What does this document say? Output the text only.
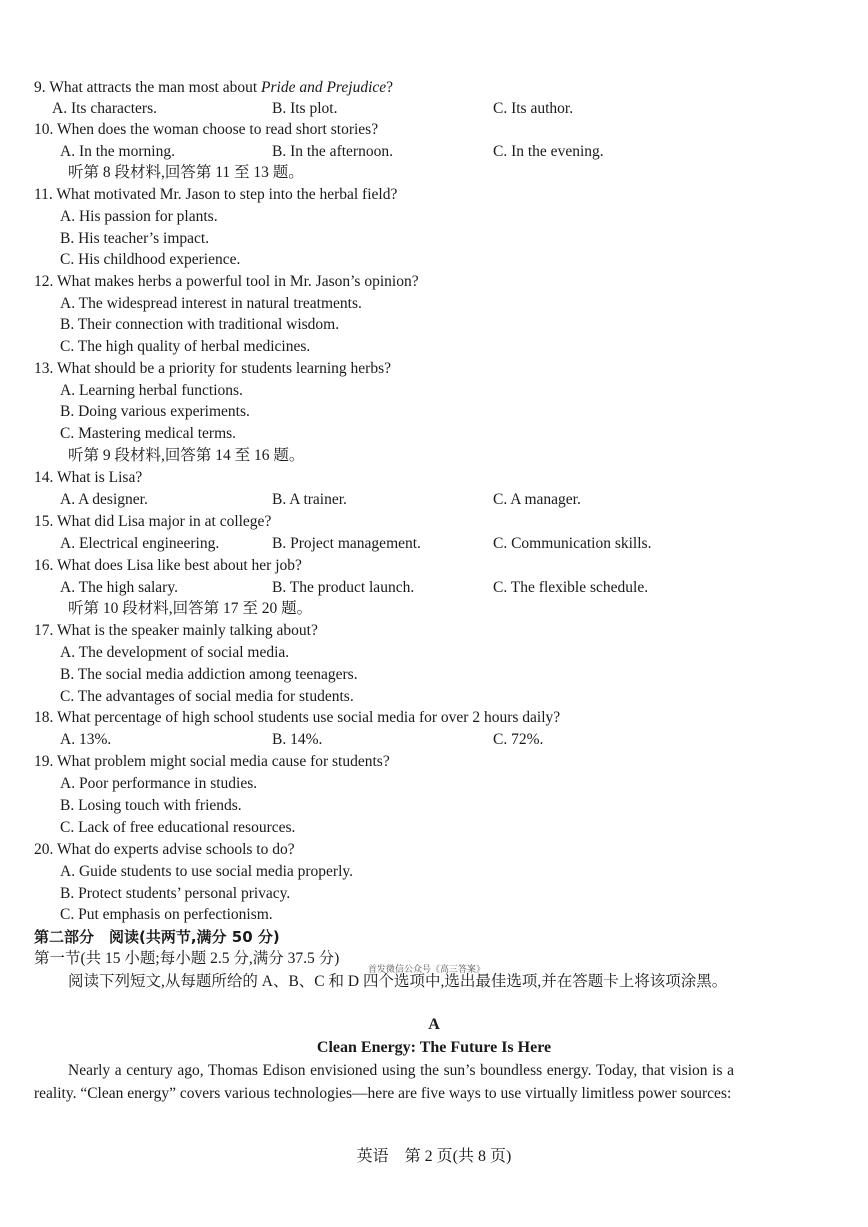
9. What attracts the man most about Pride and Prejudice?
A. Its characters.	B. Its plot.	C. Its author.
10. When does the woman choose to read short stories?
A. In the morning.	B. In the afternoon.	C. In the evening.
听第 8 段材料,回答第 11 至 13 题。
11. What motivated Mr. Jason to step into the herbal field?
A. His passion for plants.
B. His teacher’s impact.
C. His childhood experience.
12. What makes herbs a powerful tool in Mr. Jason’s opinion?
A. The widespread interest in natural treatments.
B. Their connection with traditional wisdom.
C. The high quality of herbal medicines.
13. What should be a priority for students learning herbs?
A. Learning herbal functions.
B. Doing various experiments.
C. Mastering medical terms.
听第 9 段材料,回答第 14 至 16 题。
14. What is Lisa?
A. A designer.	B. A trainer.	C. A manager.
15. What did Lisa major in at college?
A. Electrical engineering.	B. Project management.	C. Communication skills.
16. What does Lisa like best about her job?
A. The high salary.	B. The product launch.	C. The flexible schedule.
听第 10 段材料,回答第 17 至 20 题。
17. What is the speaker mainly talking about?
A. The development of social media.
B. The social media addiction among teenagers.
C. The advantages of social media for students.
18. What percentage of high school students use social media for over 2 hours daily?
A. 13%.	B. 14%.	C. 72%.
19. What problem might social media cause for students?
A. Poor performance in studies.
B. Losing touch with friends.
C. Lack of free educational resources.
20. What do experts advise schools to do?
A. Guide students to use social media properly.
B. Protect students’ personal privacy.
C. Put emphasis on perfectionism.
第二部分　阅读(共两节,满分 50 分)
第一节(共 15 小题;每小题 2.5 分,满分 37.5 分)
首发微信公众号《高三答案》
阅读下列短文,从每题所给的 A、B、C 和 D 四个选项中,选出最佳选项,并在答题卡上将该项涂黑。
A
Clean Energy: The Future Is Here
Nearly a century ago, Thomas Edison envisioned using the sun’s boundless energy. Today, that vision is a reality. “Clean energy” covers various technologies—here are five ways to use virtually limitless power sources:
英语　第 2 页(共 8 页)
